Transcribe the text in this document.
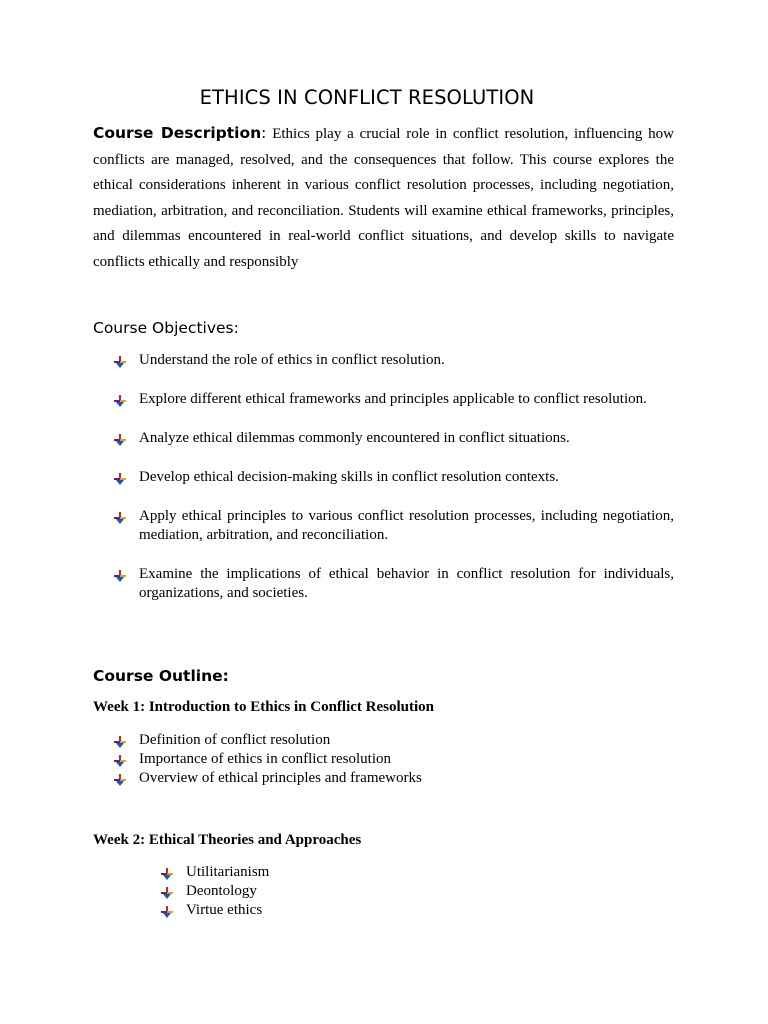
ETHICS IN CONFLICT RESOLUTION

Course Description: Ethics play a crucial role in conflict resolution, influencing how conflicts are managed, resolved, and the consequences that follow. This course explores the ethical considerations inherent in various conflict resolution processes, including negotiation, mediation, arbitration, and reconciliation. Students will examine ethical frameworks, principles, and dilemmas encountered in real-world conflict situations, and develop skills to navigate conflicts ethically and responsibly

Course Objectives:
Understand the role of ethics in conflict resolution.
Explore different ethical frameworks and principles applicable to conflict resolution.
Analyze ethical dilemmas commonly encountered in conflict situations.
Develop ethical decision-making skills in conflict resolution contexts.
Apply ethical principles to various conflict resolution processes, including negotiation, mediation, arbitration, and reconciliation.
Examine the implications of ethical behavior in conflict resolution for individuals, organizations, and societies.
Course Outline:
Week 1: Introduction to Ethics in Conflict Resolution
Definition of conflict resolution
Importance of ethics in conflict resolution
Overview of ethical principles and frameworks
Week 2: Ethical Theories and Approaches
Utilitarianism
Deontology
Virtue ethics
